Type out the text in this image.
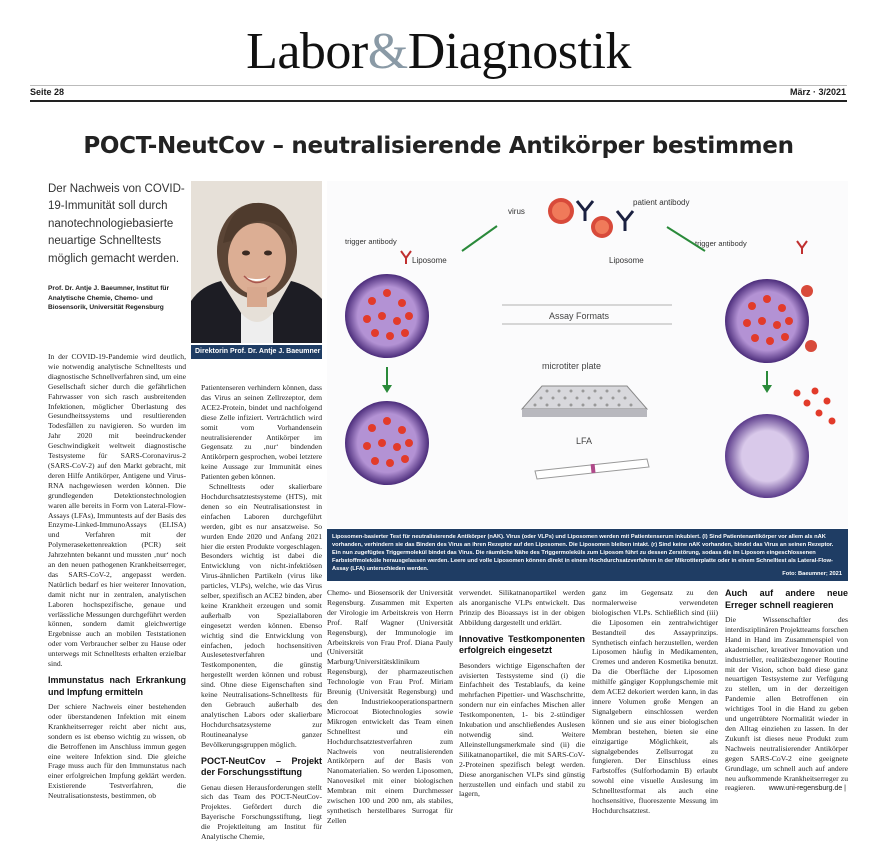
Labor&Diagnostik
Seite 28	März · 3/2021
POCT-NeutCov – neutralisierende Antikörper bestimmen
Der Nachweis von COVID-19-Immunität soll durch nanotechnologiebasierte neuartige Schnelltests möglich gemacht werden.
Prof. Dr. Antje J. Baeumner, Institut für Analytische Chemie, Chemo- und Biosensorik, Universität Regensburg
Direktorin Prof. Dr. Antje J. Baeumner
virus
patient antibody
trigger antibody
Liposome	Liposome
trigger antibody
Assay Formats
microtiter plate
LFA
Liposomen-basierter Test für neutralisierende Antikörper (nAK). Virus (oder VLPs) und Liposomen werden mit Patientenserum inkubiert. (l) Sind Patientenantikörper vor allem als nAK vorhanden, verhindern sie das Binden des Virus an ihren Rezeptor auf den Liposomen. Die Liposomen bleiben intakt. (r) Sind keine nAK vorhanden, bindet das Virus an seinen Rezeptor. Ein nun zugefügtes Triggermolekül bindet das Virus. Die räumliche Nähe des Triggermoleküls zum Liposom führt zu dessen Zerstörung, sodass die im Liposom eingeschlossenen Farbstoffmoleküle herausgelassen werden. Leere und volle Liposomen können direkt in einem Hochdurchsatzverfahren in der Mikrotiterplatte oder in einem Schnelltest als Lateral-Flow-Assay (LFA) unterschieden werden.
Foto: Baeumner; 2021

In der COVID-19-Pandemie wird deutlich, wie notwendig analytische Schnelltests und diagnostische Schnellverfahren sind, um eine Gesellschaft sicher durch die gefährlichen Fahrwasser von sich rasch ausbreitenden Infektionen, möglicher Überlastung des Gesundheitssystems und resultierenden Todesfällen zu navigieren. So wurden im Jahr 2020 mit beeindruckender Geschwindigkeit weltweit diagnostische Testsysteme für SARS-Coronavirus-2 (SARS-CoV-2) auf den Markt gebracht, mit deren Hilfe Antikörper, Antigene und Virus-RNA nachgewiesen werden können. Die grundlegenden Detektionstechnologien waren alle bereits in Form von Lateral-Flow-Assays (LFAs), Immuntests auf der Basis des Enzyme-Linked-ImmunoAssays (ELISA) und Verfahren mit der Polymerasekettenreaktion (PCR) seit Jahrzehnten bekannt und mussten ‚nur‘ noch an den neuen pathogenen Krankheitserreger, das SARS-CoV-2, angepasst werden. Natürlich bedarf es hier weiterer Innovation, damit nicht nur in zentralen, analytischen Laboren hochspezifische, genaue und verlässliche Messungen durchgeführt werden können, sondern damit gleichwertige Ergebnisse auch an mobilen Teststationen oder vom Verbraucher selber zu Hause oder unterwegs mit Schnelltests erhalten erzielbar sind.

Immunstatus nach Erkrankung und Impfung ermitteln

Der schiere Nachweis einer bestehenden oder überstandenen Infektion mit einem Krankheitserreger reicht aber nicht aus, sondern es ist ebenso wichtig zu wissen, ob die Betroffenen im Anschluss immun gegen eine weitere Infektion sind. Die gleiche Frage muss auch für den Immunstatus nach einer erfolgreichen Impfung geklärt werden. Existierende Testverfahren, die Neutralisationstests, bestimmen, ob

Patientenseren verhindern können, dass das Virus an seinen Zellrezeptor, dem ACE2-Protein, bindet und nachfolgend diese Zelle infiziert. Verträchtlich wird somit vom Vorhandensein neutralisierender Antikörper im Gegensatz zu ‚nur‘ bindenden Antikörpern gesprochen, wobei letztere keine Aussage zur Immunität eines Patienten geben können.

Schnelltests oder skalierbare Hochdurchsatztestsysteme (HTS), mit denen so ein Neutralisationstest in einfachen Laboren durchgeführt werden, gibt es nur ansatzweise. So wurden Ende 2020 und Anfang 2021 hier die ersten Produkte vorgeschlagen. Besonders wichtig ist dabei die Entwicklung von nicht-infektiösen Virus-ähnlichen Partikeln (virus like particles, VLPs), welche, wie das Virus selber, spezifisch an ACE2 binden, aber keine Krankheit erzeugen und somit außerhalb von Speziallaboren eingesetzt werden können. Ebenso wichtig sind die Entwicklung von einfachen, jedoch hochsensitiven Auslesetestverfahren und Testkomponenten, die günstig hergestellt werden können und robust sind. Ohne diese Eigenschaften sind keine Neutralisations-Schnelltests für den Gebrauch außerhalb des analytischen Labors oder skalierbare Hochdurchsatzsysteme zur Routineanalyse ganzer Bevölkerungsgruppen möglich.

POCT-NeutCov – Projekt der Forschungsstiftung

Genau diesen Herausforderungen stellt sich das Team des POCT-NeutCov-Projektes. Gefördert durch die Bayerische Forschungsstiftung, liegt die Projektleitung am Institut für Analytische Chemie,

Chemo- und Biosensorik der Universität Regensburg. Zusammen mit Experten der Virologie im Arbeitskreis von Herrn Prof. Ralf Wagner (Universität Regensburg), der Immunologie im Arbeitskreis von Frau Prof. Diana Pauly (Universität Marburg/Universitätsklinikum Regensburg), der pharmazeutischen Technologie von Frau Prof. Miriam Breunig (Universität Regensburg) und den Industriekooperationspartnern Microcoat Biotechnologies sowie Mikrogen entwickelt das Team einen Schnelltest und ein Hochdurchsatztestverfahren zum Nachweis von neutralisierenden Antikörpern auf der Basis von Nanomaterialien. So werden Liposomen, Nanovesikel mit einer biologischen Membran mit einem Durchmesser zwischen 100 und 200 nm, als stabiles, synthetisch herstellbares Surrogat für Zellen

verwendet. Silikatnanopartikel werden als anorganische VLPs entwickelt. Das Prinzip des Bioassays ist in der obigen Abbildung dargestellt und erklärt.

Innovative Testkomponenten erfolgreich eingesetzt

Besonders wichtige Eigenschaften der avisierten Testsysteme sind (i) die Einfachheit des Testablaufs, da keine mehrfachen Pipettier- und Waschschritte, sondern nur ein einfaches Mischen aller Testkomponenten, 1- bis 2-stündiger Inkubation und anschließendes Auslesen notwendig sind. Weitere Alleinstellungsmerkmale sind (ii) die Silikatnanopartikel, die mit SARS-CoV-2-Proteinen spezifisch belegt werden. Diese anorganischen VLPs sind günstig herzustellen und einfach und stabil zu lagern,

ganz im Gegensatz zu den normalerweise verwendeten biologischen VLPs. Schließlich sind (iii) die Liposomen ein zentralwichtiger Bestandteil des Assayprinzips. Synthetisch einfach herzustellen, werden Liposomen häufig in Medikamenten, Cremes und anderen Kosmetika benutzt. Da die Oberfläche der Liposomen mithilfe gängiger Kopplungschemie mit dem ACE2 dekoriert werden kann, in das innere Volumen große Mengen an Signalgebern einschlossen werden können und sie aus einer biologischen Membran bestehen, bieten sie eine einzigartige Möglichkeit, als signalgebendes Zellsurrogat zu fungieren. Der Einschluss eines Farbstoffes (Sulforhodamin B) erlaubt sowohl eine visuelle Auslesung im Schnelltestformat als auch eine hochsensitive, fluoreszente Messung im Hochdurchsatztest.

Auch auf andere neue Erreger schnell reagieren

Die Wissenschaftler des interdisziplinären Projektteams forschen Hand in Hand im Zusammenspiel von akademischer, kreativer Innovation und industrieller, realitätsbezogener Routine mit der Vision, schon bald diese ganz neuartigen Testsysteme zur Verfügung zu stellen, um in der derzeitigen Pandemie allen Betroffenen ein wichtiges Tool in die Hand zu geben und ungetrübtere Normalität wieder in den Alltag einziehen zu lassen. In der Zukunft ist dieses neue Produkt zum Nachweis neutralisierender Antikörper gegen SARS-CoV-2 eine geeignete Grundlage, um schnell auch auf andere neu aufkommende Krankheitserreger zu reagieren.	www.uni-regensburg.de |
